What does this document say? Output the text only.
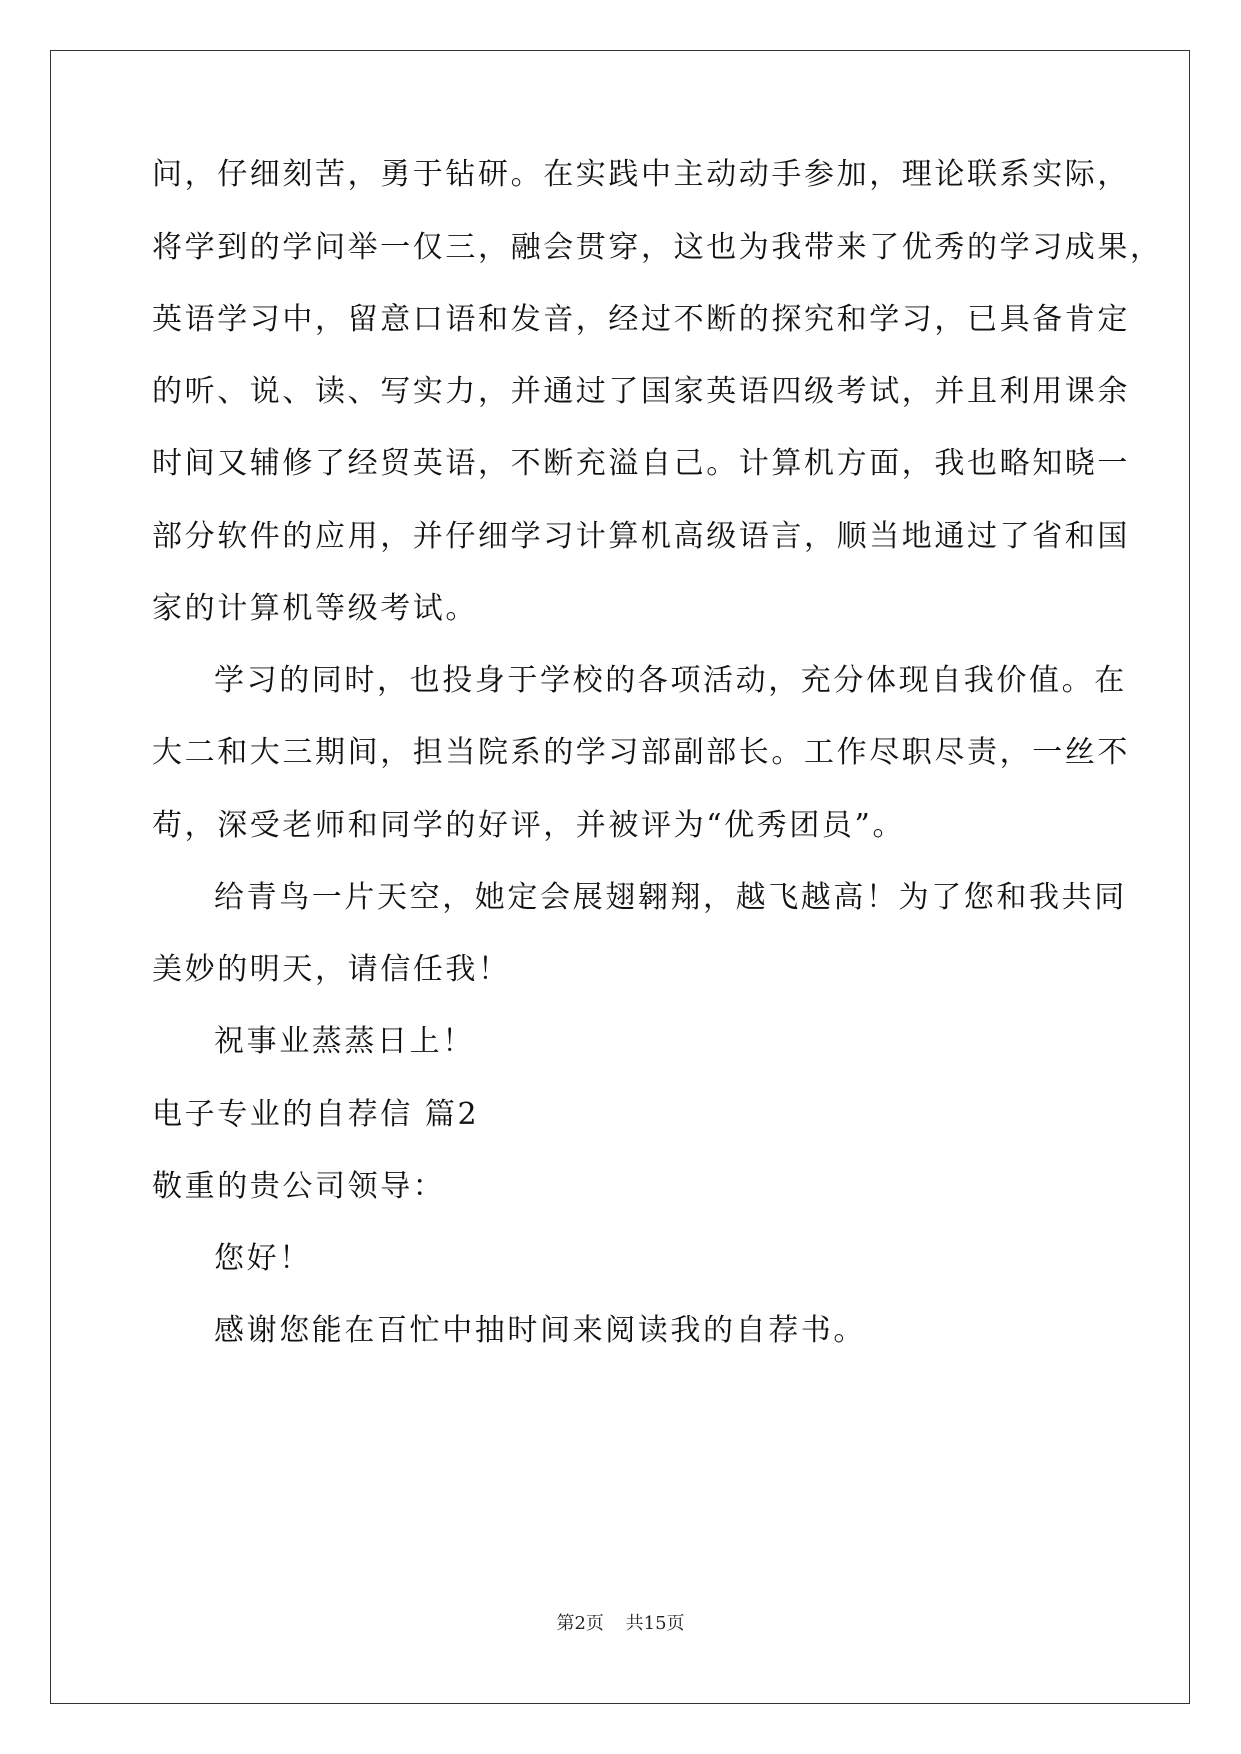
问，仔细刻苦，勇于钻研。在实践中主动动手参加，理论联系实际，
将学到的学问举一仅三，融会贯穿，这也为我带来了优秀的学习成果，
英语学习中，留意口语和发音，经过不断的探究和学习，已具备肯定
的听、说、读、写实力，并通过了国家英语四级考试，并且利用课余
时间又辅修了经贸英语，不断充溢自己。计算机方面，我也略知晓一
部分软件的应用，并仔细学习计算机高级语言，顺当地通过了省和国
家的计算机等级考试。
学习的同时，也投身于学校的各项活动，充分体现自我价值。在
大二和大三期间，担当院系的学习部副部长。工作尽职尽责，一丝不
苟，深受老师和同学的好评，并被评为“优秀团员”。
给青鸟一片天空，她定会展翅翱翔，越飞越高！为了您和我共同
美妙的明天，请信任我！
祝事业蒸蒸日上！
电子专业的自荐信 篇2
敬重的贵公司领导：
您好！
感谢您能在百忙中抽时间来阅读我的自荐书。
第2页 共15页
